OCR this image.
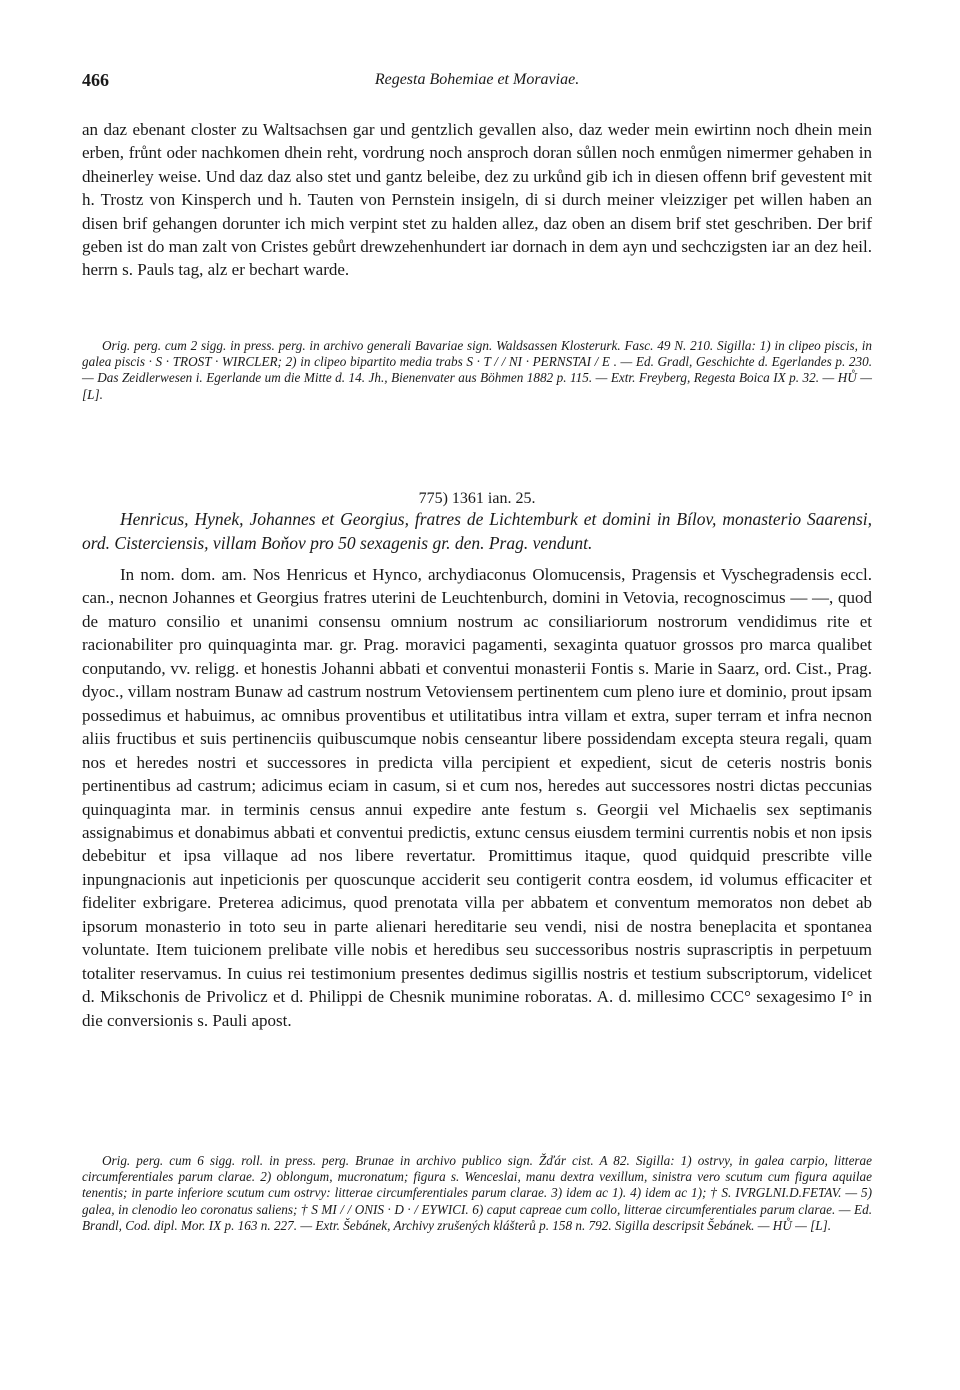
466	Regesta Bohemiae et Moraviae.

an daz ebenant closter zu Waltsachsen gar und gentzlich gevallen also, daz weder mein ewirtinn noch dhein mein erben, frůnt oder nachkomen dhein reht, vordrung noch ansproch doran sůllen noch enmůgen nimermer gehaben in dheinerley weise. Und daz daz also stet und gantz beleibe, dez zu urkůnd gib ich in diesen offenn brif gevestent mit h. Trostz von Kinsperch und h. Tauten von Pernstein insigeln, di si durch meiner vleizziger pet willen haben an disen brif gehangen dorunter ich mich verpint stet zu halden allez, daz oben an disem brif stet geschriben. Der brif geben ist do man zalt von Cristes gebůrt drewzehenhundert iar dornach in dem ayn und sechczigsten iar an dez heil. herrn s. Pauls tag, alz er bechart warde.

Orig. perg. cum 2 sigg. in press. perg. in archivo generali Bavariae sign. Waldsassen Klosterurk. Fasc. 49 N. 210. Sigilla: 1) in clipeo piscis, in galea piscis · S · TROST · WIRCLER; 2) in clipeo bipartito media trabs S · T / / NI · PERNSTAI / E . — Ed. Gradl, Geschichte d. Egerlandes p. 230. — Das Zeidlerwesen i. Egerlande um die Mitte d. 14. Jh., Bienenvater aus Böhmen 1882 p. 115. — Extr. Freyberg, Regesta Boica IX p. 32. — HŮ — [L].

775) 1361 ian. 25.

Henricus, Hynek, Johannes et Georgius, fratres de Lichtemburk et domini in Bílov, monasterio Saarensi, ord. Cisterciensis, villam Boňov pro 50 sexagenis gr. den. Prag. vendunt.

In nom. dom. am. Nos Henricus et Hynco, archydiaconus Olomucensis, Pragensis et Vyschegradensis eccl. can., necnon Johannes et Georgius fratres uterini de Leuchtenburch, domini in Vetovia, recognoscimus — —, quod de maturo consilio et unanimi consensu omnium nostrum ac consiliariorum nostrorum vendidimus rite et racionabiliter pro quinquaginta mar. gr. Prag. moravici pagamenti, sexaginta quatuor grossos pro marca qualibet conputando, vv. religg. et honestis Johanni abbati et conventui monasterii Fontis s. Marie in Saarz, ord. Cist., Prag. dyoc., villam nostram Bunaw ad castrum nostrum Vetoviensem pertinentem cum pleno iure et dominio, prout ipsam possedimus et habuimus, ac omnibus proventibus et utilitatibus intra villam et extra, super terram et infra necnon aliis fructibus et suis pertinenciis quibuscumque nobis censeantur libere possidendam excepta steura regali, quam nos et heredes nostri et successores in predicta villa percipient et expedient, sicut de ceteris nostris bonis pertinentibus ad castrum; adicimus eciam in casum, si et cum nos, heredes aut successores nostri dictas peccunias quinquaginta mar. in terminis census annui expedire ante festum s. Georgii vel Michaelis sex septimanis assignabimus et donabimus abbati et conventui predictis, extunc census eiusdem termini currentis nobis et non ipsis debebitur et ipsa villaque ad nos libere revertatur. Promittimus itaque, quod quidquid prescribte ville inpungnacionis aut inpeticionis per quoscunque acciderit seu contigerit contra eosdem, id volumus efficaciter et fideliter exbrigare. Preterea adicimus, quod prenotata villa per abbatem et conventum memoratos non debet ab ipsorum monasterio in toto seu in parte alienari hereditarie seu vendi, nisi de nostra beneplacita et spontanea voluntate. Item tuicionem prelibate ville nobis et heredibus seu successoribus nostris suprascriptis in perpetuum totaliter reservamus. In cuius rei testimonium presentes dedimus sigillis nostris et testium subscriptorum, videlicet d. Mikschonis de Privolicz et d. Philippi de Chesnik munimine roboratas. A. d. millesimo CCC° sexagesimo I° in die conversionis s. Pauli apost.

Orig. perg. cum 6 sigg. roll. in press. perg. Brunae in archivo publico sign. Žďár cist. A 82. Sigilla: 1) ostrvy, in galea carpio, litterae circumferentiales parum clarae. 2) oblongum, mucronatum; figura s. Wenceslai, manu dextra vexillum, sinistra vero scutum cum figura aquilae tenentis; in parte inferiore scutum cum ostrvy: litterae circumferentiales parum clarae. 3) idem ac 1). 4) idem ac 1); † S. IVRGLNI.D.FETAV. — 5) galea, in clenodio leo coronatus saliens; † S MI / / ONIS · D · / EYWICI. 6) caput capreae cum collo, litterae circumferentiales parum clarae. — Ed. Brandl, Cod. dipl. Mor. IX p. 163 n. 227. — Extr. Šebánek, Archivy zrušených klášterů p. 158 n. 792. Sigilla descripsit Šebánek. — HŮ — [L].
